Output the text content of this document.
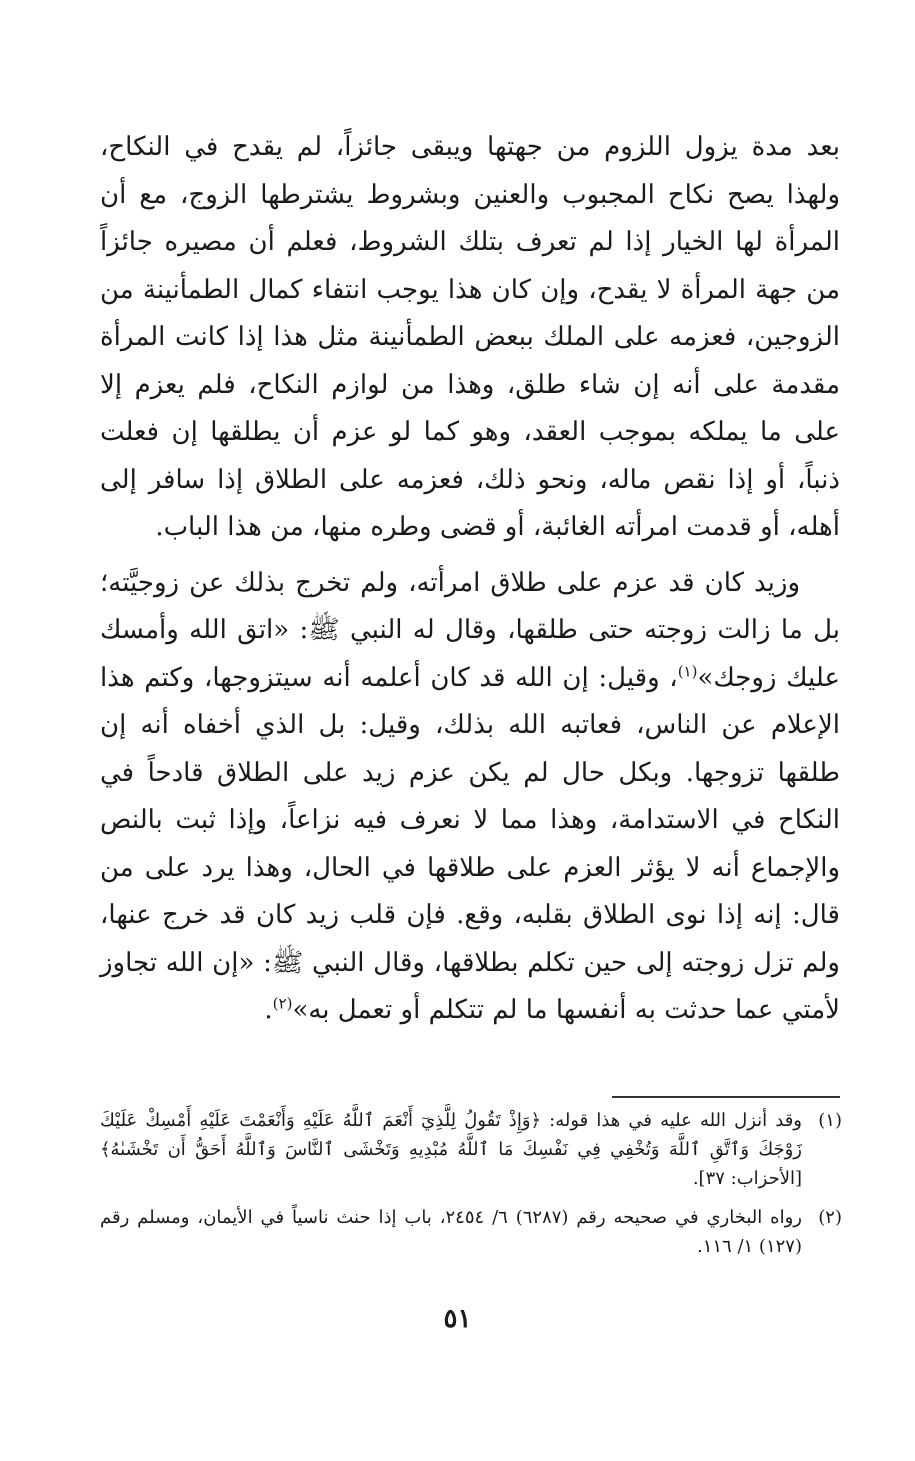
بعد مدة يزول اللزوم من جهتها ويبقى جائزاً، لم يقدح في النكاح، ولهذا يصح نكاح المجبوب والعنين وبشروط يشترطها الزوج، مع أن المرأة لها الخيار إذا لم تعرف بتلك الشروط، فعلم أن مصيره جائزاً من جهة المرأة لا يقدح، وإن كان هذا يوجب انتفاء كمال الطمأنينة من الزوجين، فعزمه على الملك ببعض الطمأنينة مثل هذا إذا كانت المرأة مقدمة على أنه إن شاء طلق، وهذا من لوازم النكاح، فلم يعزم إلا على ما يملكه بموجب العقد، وهو كما لو عزم أن يطلقها إن فعلت ذنباً، أو إذا نقص ماله، ونحو ذلك، فعزمه على الطلاق إذا سافر إلى أهله، أو قدمت امرأته الغائبة، أو قضى وطره منها، من هذا الباب.

وزيد كان قد عزم على طلاق امرأته، ولم تخرج بذلك عن زوجيَّته؛ بل ما زالت زوجته حتى طلقها، وقال له النبي ﷺ: «اتق الله وأمسك عليك زوجك»$^{(١)}$، وقيل: إن الله قد كان أعلمه أنه سيتزوجها، وكتم هذا الإعلام عن الناس، فعاتبه الله بذلك، وقيل: بل الذي أخفاه أنه إن طلقها تزوجها. وبكل حال لم يكن عزم زيد على الطلاق قادحاً في النكاح في الاستدامة، وهذا مما لا نعرف فيه نزاعاً، وإذا ثبت بالنص والإجماع أنه لا يؤثر العزم على طلاقها في الحال، وهذا يرد على من قال: إنه إذا نوى الطلاق بقلبه، وقع. فإن قلب زيد كان قد خرج عنها، ولم تزل زوجته إلى حين تكلم بطلاقها، وقال النبي ﷺ: «إن الله تجاوز لأمتي عما حدثت به أنفسها ما لم تتكلم أو تعمل به»$^{(٢)}$.

(١)
وقد أنزل الله عليه في هذا قوله: ﴿وَإِذْ تَقُولُ لِلَّذِيٓ أَنْعَمَ ٱللَّهُ عَلَيْهِ وَأَنْعَمْتَ عَلَيْهِ أَمْسِكْ عَلَيْكَ زَوْجَكَ وَٱتَّقِ ٱللَّهَ وَتُخْفِي فِي نَفْسِكَ مَا ٱللَّهُ مُبْدِيهِ وَتَخْشَى ٱلنَّاسَ وَٱللَّهُ أَحَقُّ أَن تَخْشَىٰهُ﴾ [الأحزاب: ٣٧].
(٢)
رواه البخاري في صحيحه رقم (٦٢٨٧) ٦/ ٢٤٥٤، باب إذا حنث ناسياً في الأيمان، ومسلم رقم (١٢٧) ١/ ١١٦.
٥١
